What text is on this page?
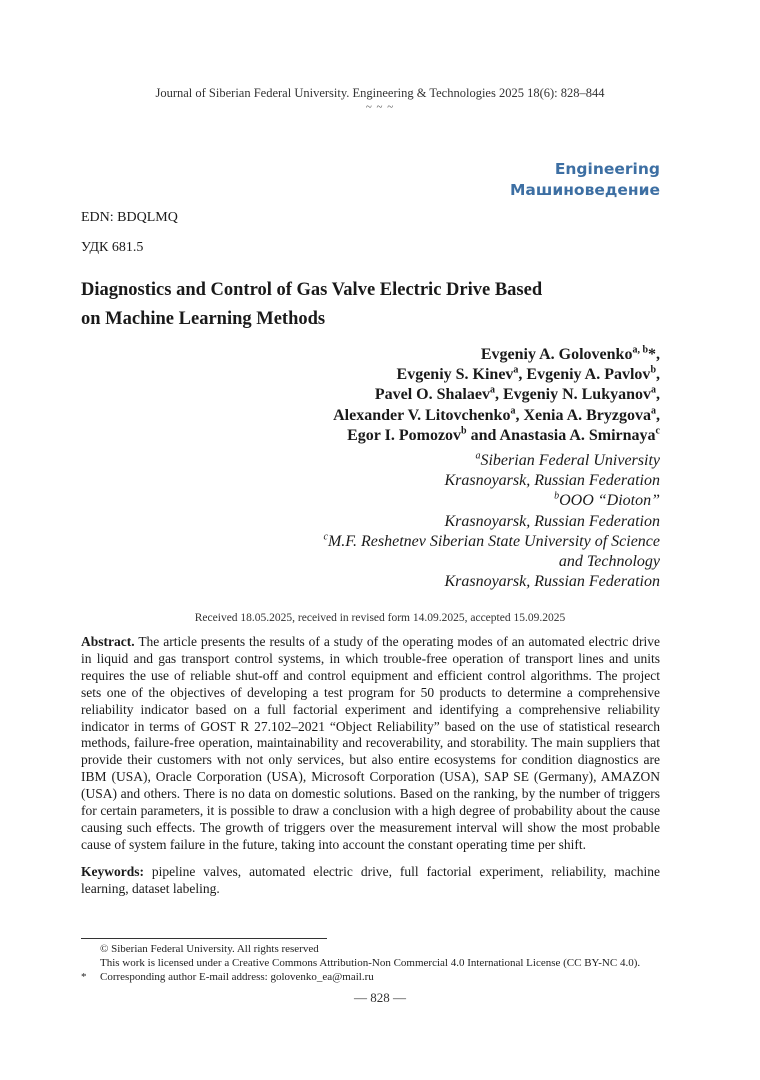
Journal of Siberian Federal University. Engineering & Technologies 2025 18(6): 828–844
~ ~ ~
Engineering
Машиноведение
EDN: BDQLMQ
УДК 681.5
Diagnostics and Control of Gas Valve Electric Drive Based
on Machine Learning Methods
Evgeniy A. Golovenko$^{a, b}$*,
Evgeniy S. Kinev$^a$, Evgeniy A. Pavlov$^b$,
Pavel O. Shalaev$^a$, Evgeniy N. Lukyanov$^a$,
Alexander V. Litovchenko$^a$, Xenia A. Bryzgova$^a$,
Egor I. Pomozov$^b$ and Anastasia A. Smirnaya$^c$
$^a$Siberian Federal University
Krasnoyarsk, Russian Federation
$^b$OOO “Dioton”
Krasnoyarsk, Russian Federation
$^c$M.F. Reshetnev Siberian State University of Science
and Technology
Krasnoyarsk, Russian Federation
Received 18.05.2025, received in revised form 14.09.2025, accepted 15.09.2025
Abstract. The article presents the results of a study of the operating modes of an automated electric drive in liquid and gas transport control systems, in which trouble-free operation of transport lines and units requires the use of reliable shut-off and control equipment and efficient control algorithms. The project sets one of the objectives of developing a test program for 50 products to determine a comprehensive reliability indicator based on a full factorial experiment and identifying a comprehensive reliability indicator in terms of GOST R 27.102–2021 “Object Reliability” based on the use of statistical research methods, failure-free operation, maintainability and recoverability, and storability. The main suppliers that provide their customers with not only services, but also entire ecosystems for condition diagnostics are IBM (USA), Oracle Corporation (USA), Microsoft Corporation (USA), SAP SE (Germany), AMAZON (USA) and others. There is no data on domestic solutions. Based on the ranking, by the number of triggers for certain parameters, it is possible to draw a conclusion with a high degree of probability about the cause causing such effects. The growth of triggers over the measurement interval will show the most probable cause of system failure in the future, taking into account the constant operating time per shift.
Keywords: pipeline valves, automated electric drive, full factorial experiment, reliability, machine learning, dataset labeling.
© Siberian Federal University. All rights reserved
This work is licensed under a Creative Commons Attribution-Non Commercial 4.0 International License (CC BY-NC 4.0).
* Corresponding author E-mail address: golovenko_ea@mail.ru
— 828 —
